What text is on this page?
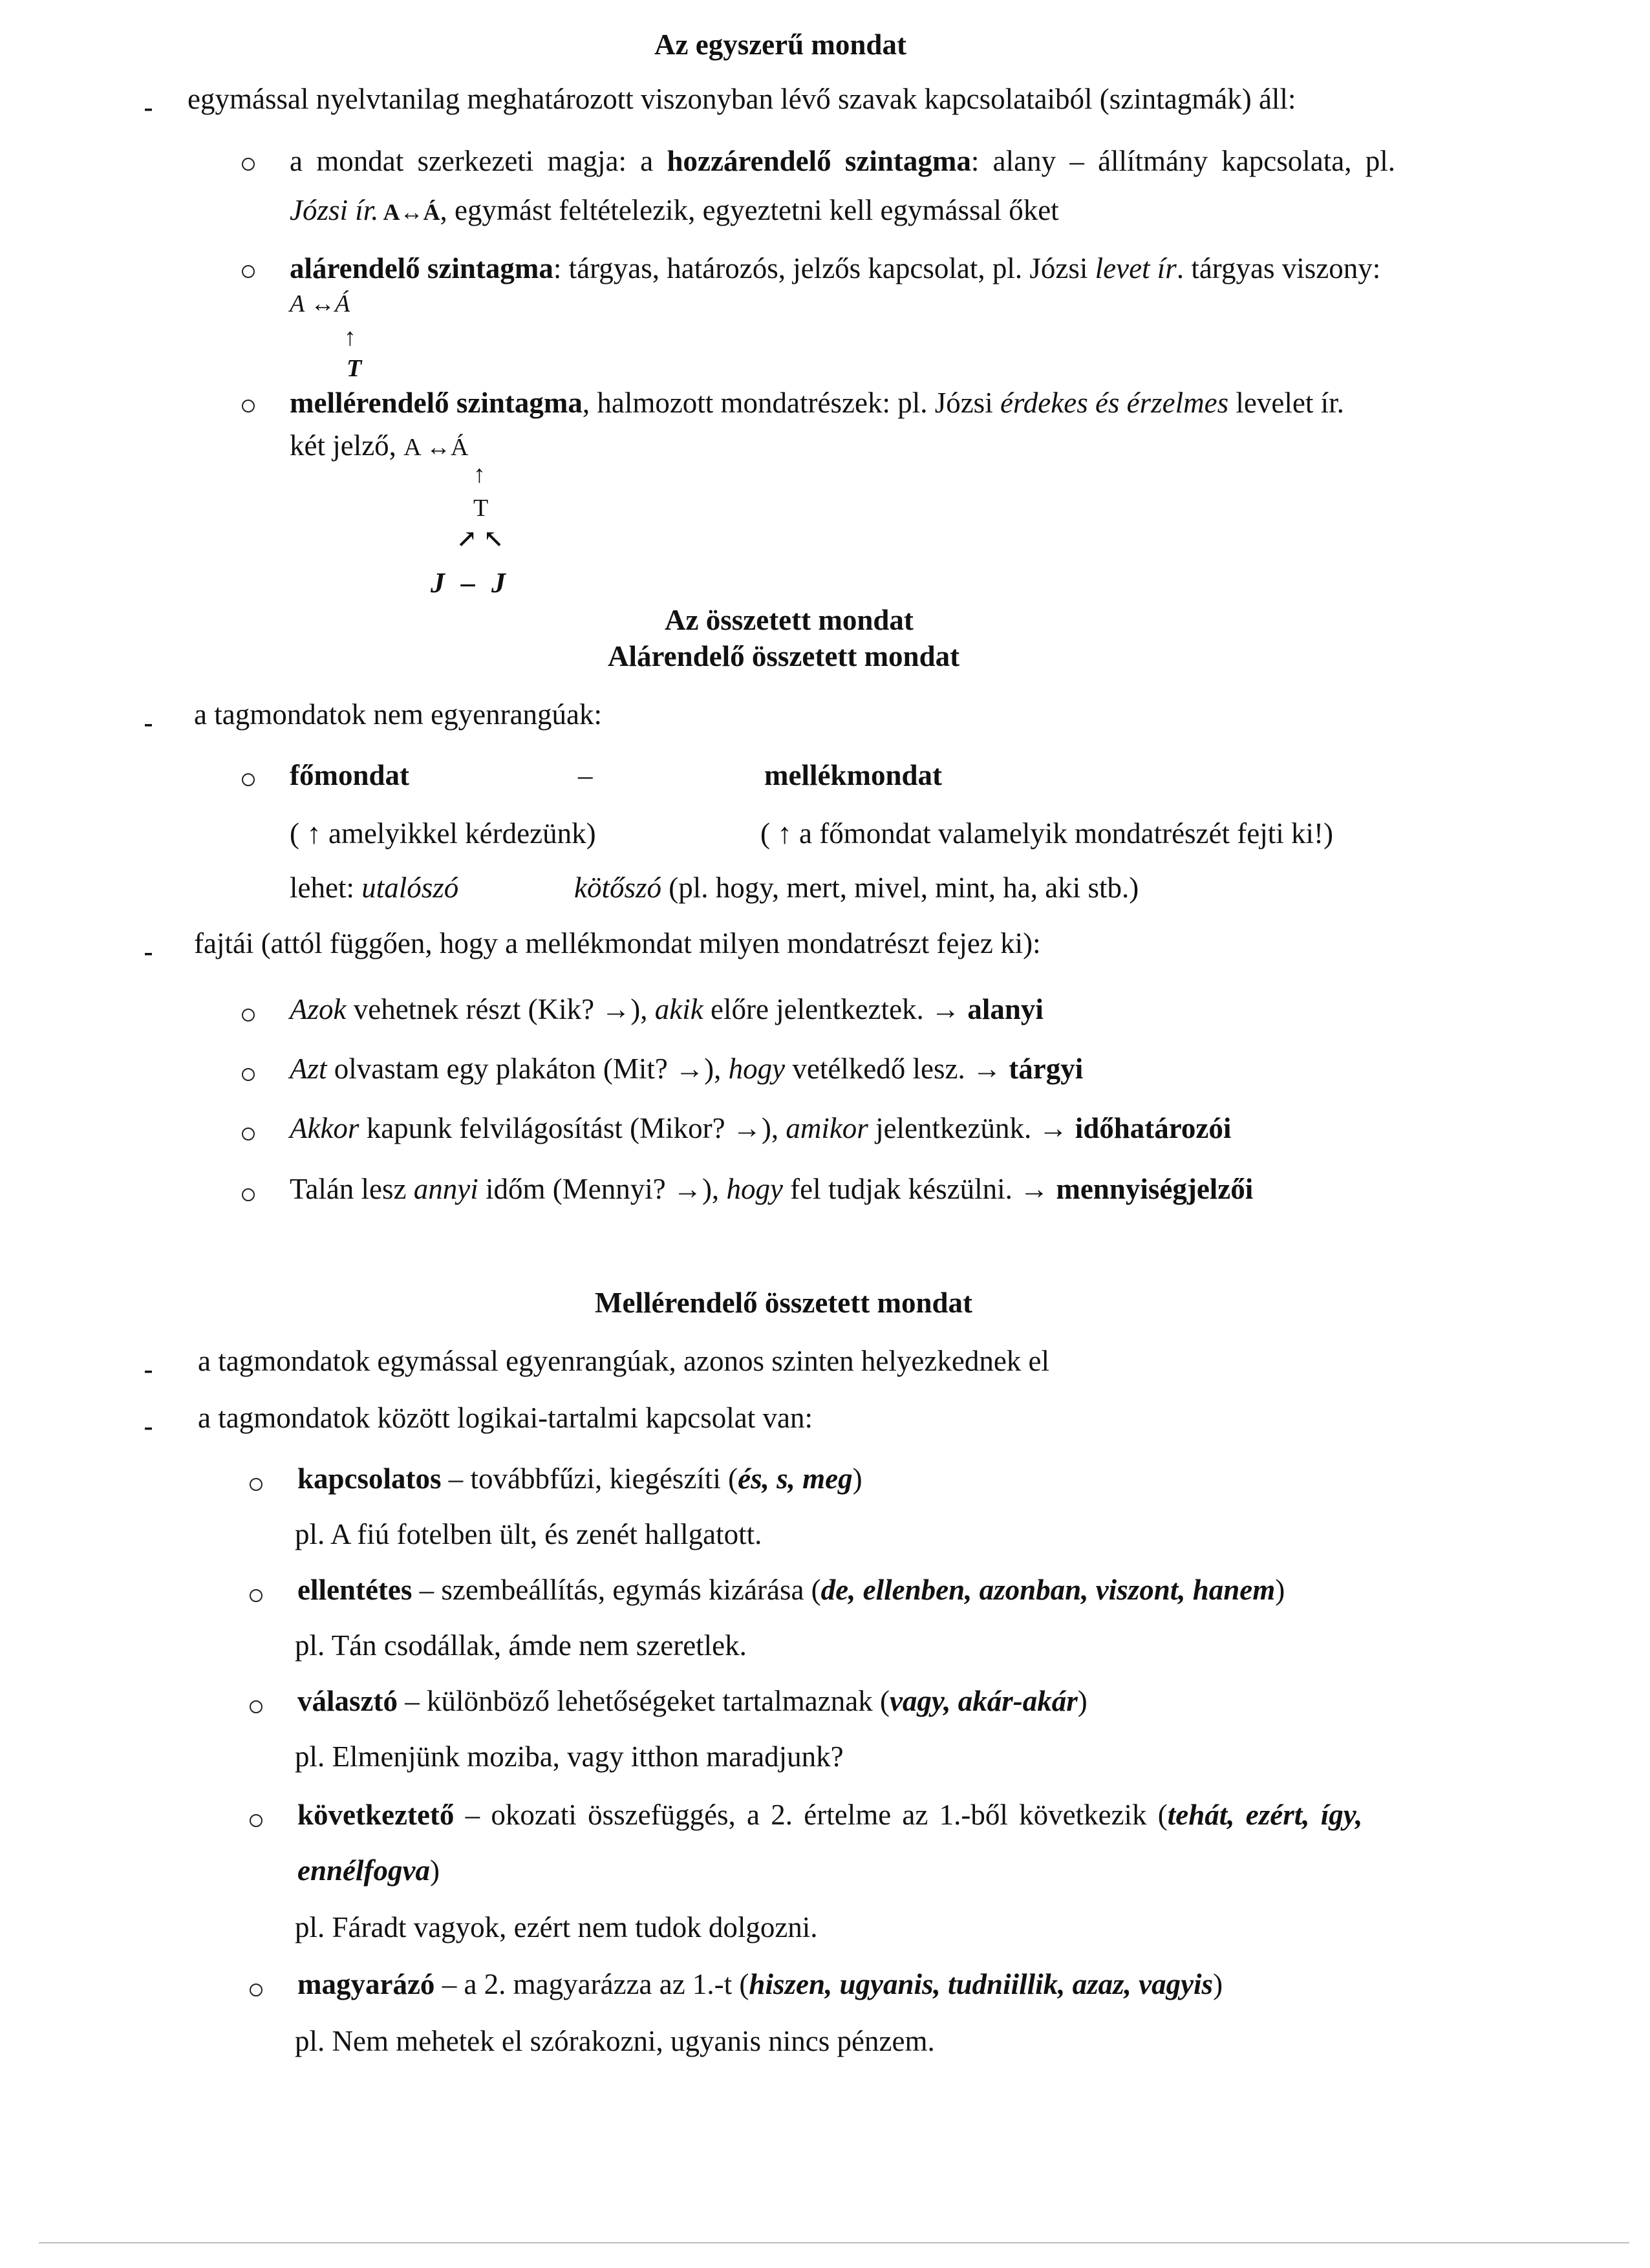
Az egyszerű mondat
- egymással nyelvtanilag meghatározott viszonyban lévő szavak kapcsolataiból (szintagmák) áll:
a mondat szerkezeti magja: a hozzárendelő szintagma: alany – állítmány kapcsolata, pl.
Józsi ír. A↔Á, egymást feltételezik, egyeztetni kell egymással őket
alárendelő szintagma: tárgyas, határozós, jelzős kapcsolat, pl. Józsi levet ír. tárgyas viszony:
A ↔Á
↑
T
mellérendelő szintagma, halmozott mondatrészek: pl. Józsi érdekes és érzelmes levelet ír.
két jelző, A ↔Á
↑
T
↗ ↖
J – J
Az összetett mondat
Alárendelő összetett mondat
- a tagmondatok nem egyenrangúak:
főmondat	–	mellékmondat
( ↑ amelyikkel kérdezünk)	( ↑ a főmondat valamelyik mondatrészét fejti ki!)
lehet: utalószó	kötőszó (pl. hogy, mert, mivel, mint, ha, aki stb.)
- fajtái (attól függően, hogy a mellékmondat milyen mondatrészt fejez ki):
Azok vehetnek részt (Kik? →), akik előre jelentkeztek. → alanyi
Azt olvastam egy plakáton (Mit? →), hogy vetélkedő lesz. → tárgyi
Akkor kapunk felvilágosítást (Mikor? →), amikor jelentkezünk. → időhatározói
Talán lesz annyi időm (Mennyi? →), hogy fel tudjak készülni. → mennyiségjelzői
Mellérendelő összetett mondat
- a tagmondatok egymással egyenrangúak, azonos szinten helyezkednek el
- a tagmondatok között logikai-tartalmi kapcsolat van:
kapcsolatos – továbbfűzi, kiegészíti (és, s, meg)
pl. A fiú fotelben ült, és zenét hallgatott.
ellentétes – szembeállítás, egymás kizárása (de, ellenben, azonban, viszont, hanem)
pl. Tán csodállak, ámde nem szeretlek.
választó – különböző lehetőségeket tartalmaznak (vagy, akár-akár)
pl. Elmenjünk moziba, vagy itthon maradjunk?
következtető – okozati összefüggés, a 2. értelme az 1.-ből következik (tehát, ezért, így,
ennélfogva)
pl. Fáradt vagyok, ezért nem tudok dolgozni.
magyarázó – a 2. magyarázza az 1.-t (hiszen, ugyanis, tudniillik, azaz, vagyis)
pl. Nem mehetek el szórakozni, ugyanis nincs pénzem.
